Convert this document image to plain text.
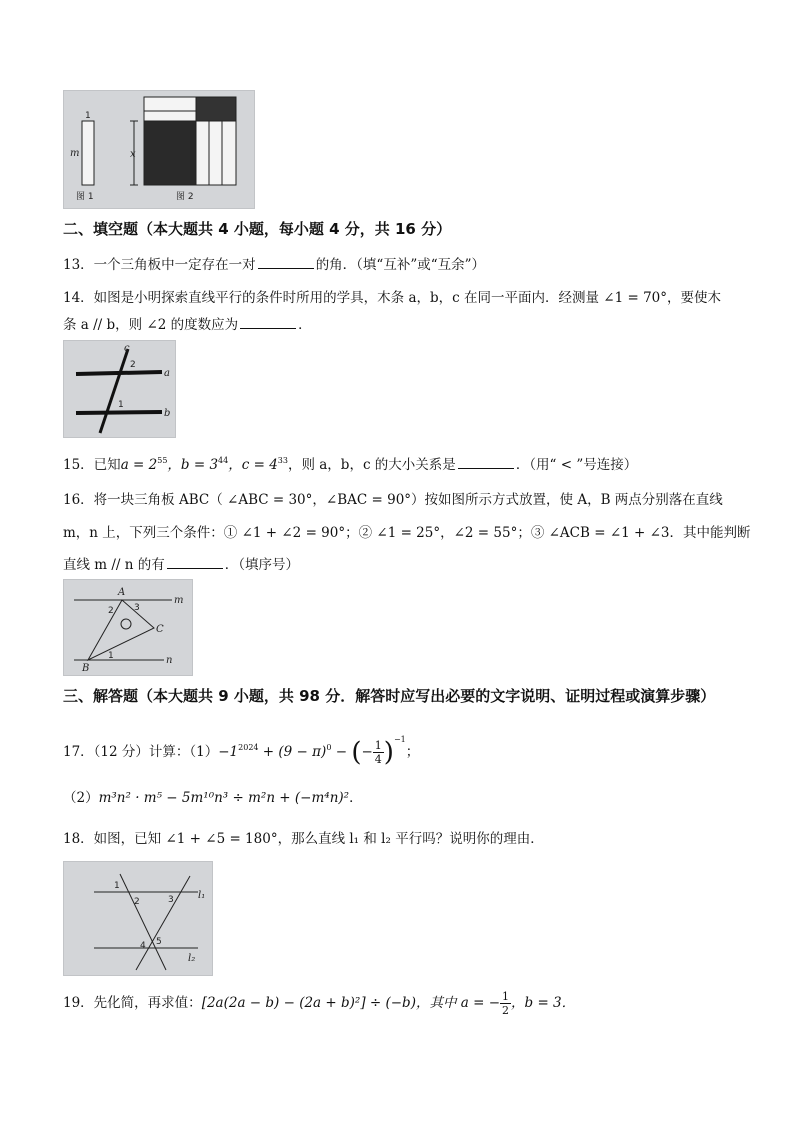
1
m
图 1
x
图 2
二、填空题（本大题共 4 小题，每小题 4 分，共 16 分）
13．一个三角板中一定存在一对	的角．（填“互补”或“互余”）
14．如图是小明探索直线平行的条件时所用的学具，木条 a，b，c 在同一平面内．经测量 ∠1 = 70°，要使木
条 a // b，则 ∠2 的度数应为	．
c
a
b
2
1
15．已知$a = 2^{55}$，$b = 3^{44}$，$c = 4^{33}$，则 a，b，c 的大小关系是	．（用“ < ”号连接）
16．将一块三角板 ABC（ ∠ABC = 30°，∠BAC = 90°）按如图所示方式放置，使 A，B 两点分别落在直线
m，n 上，下列三个条件：① ∠1 + ∠2 = 90°；② ∠1 = 25°，∠2 = 55°；③ ∠ACB = ∠1 + ∠3．其中能判断
直线 m // n 的有	．（填序号）
A
B
C
m
n
2 3
1
三、解答题（本大题共 9 小题，共 98 分．解答时应写出必要的文字说明、证明过程或演算步骤）
17．（12 分）计算：$(1)-1^{2024} + (9 - \pi)^0$ − (− $\frac{1}{4} )^{-1}$；
（2）m³n² · m⁵ − 5m¹⁰n³ ÷ m²n + (−m⁴n)²．
18．如图，已知 ∠1 + ∠5 = 180°，那么直线 l₁ 和 l₂ 平行吗？说明你的理由．
1
2	3
4 5
l₁
l₂
19．先化简，再求值：[2a(2a − b) − (2a + b)²] ÷ (−b)，其中 a = − $\frac{1}{2}$ ，b = 3．
